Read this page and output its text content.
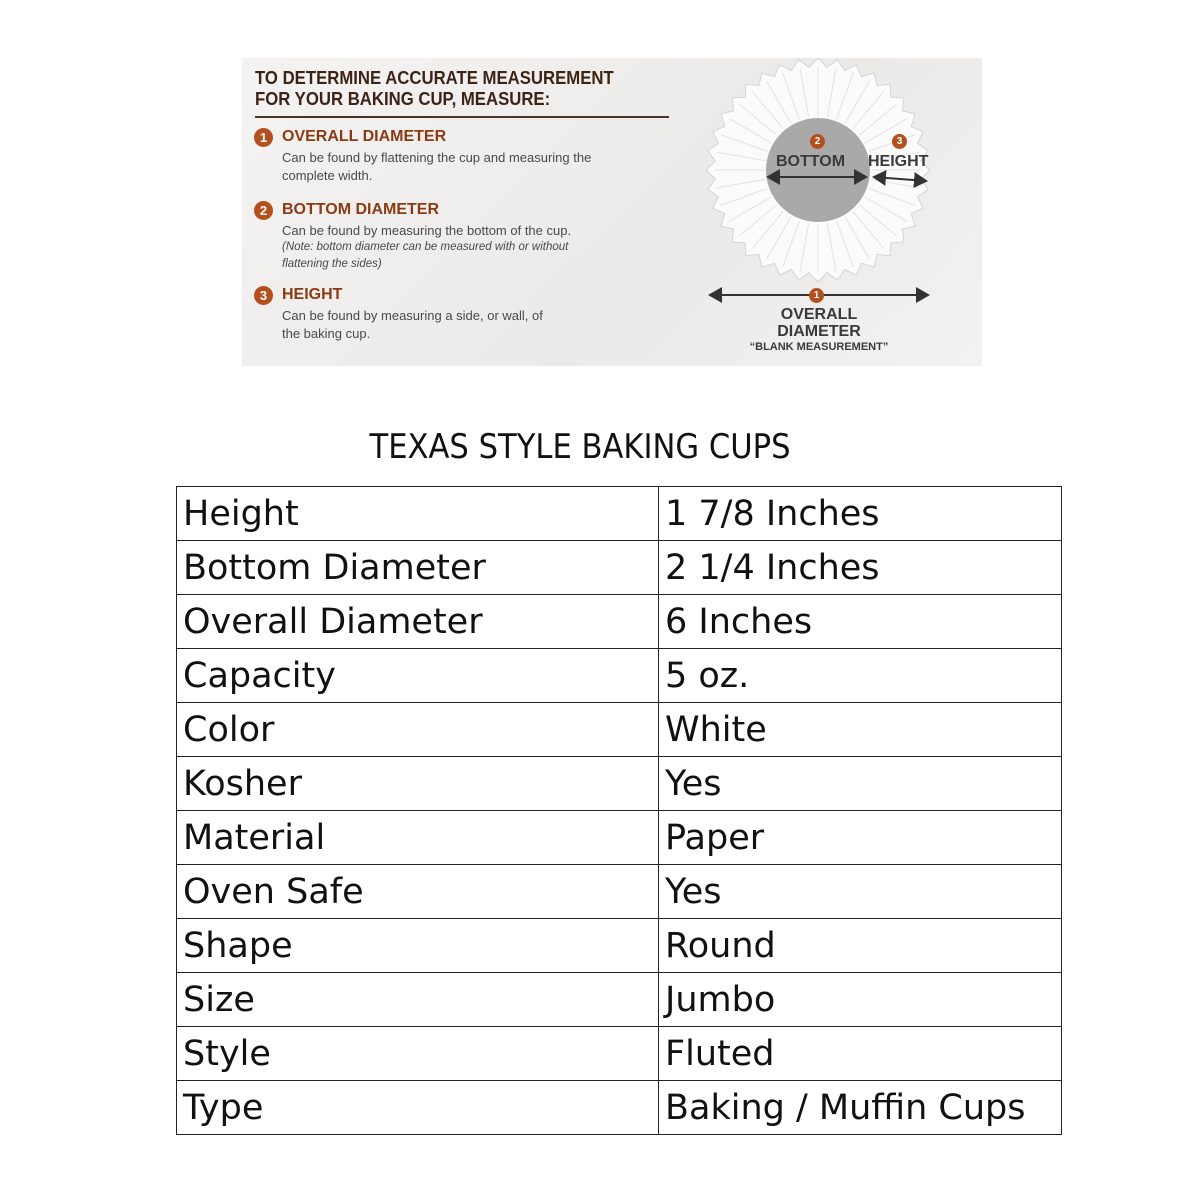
TO DETERMINE ACCURATE MEASUREMENT
FOR YOUR BAKING CUP, MEASURE:
1 OVERALL DIAMETER
Can be found by flattening the cup and measuring the complete width.
2 BOTTOM DIAMETER
Can be found by measuring the bottom of the cup.
(Note: bottom diameter can be measured with or without flattening the sides)
3 HEIGHT
Can be found by measuring a side, or wall, of the baking cup.
2
BOTTOM
3
HEIGHT
1
OVERALL
DIAMETER
“BLANK MEASUREMENT”
TEXAS STYLE BAKING CUPS
Height	1 7/8 Inches
Bottom Diameter	2 1/4 Inches
Overall Diameter	6 Inches
Capacity	5 oz.
Color	White
Kosher	Yes
Material	Paper
Oven Safe	Yes
Shape	Round
Size	Jumbo
Style	Fluted
Type	Baking / Muffin Cups
